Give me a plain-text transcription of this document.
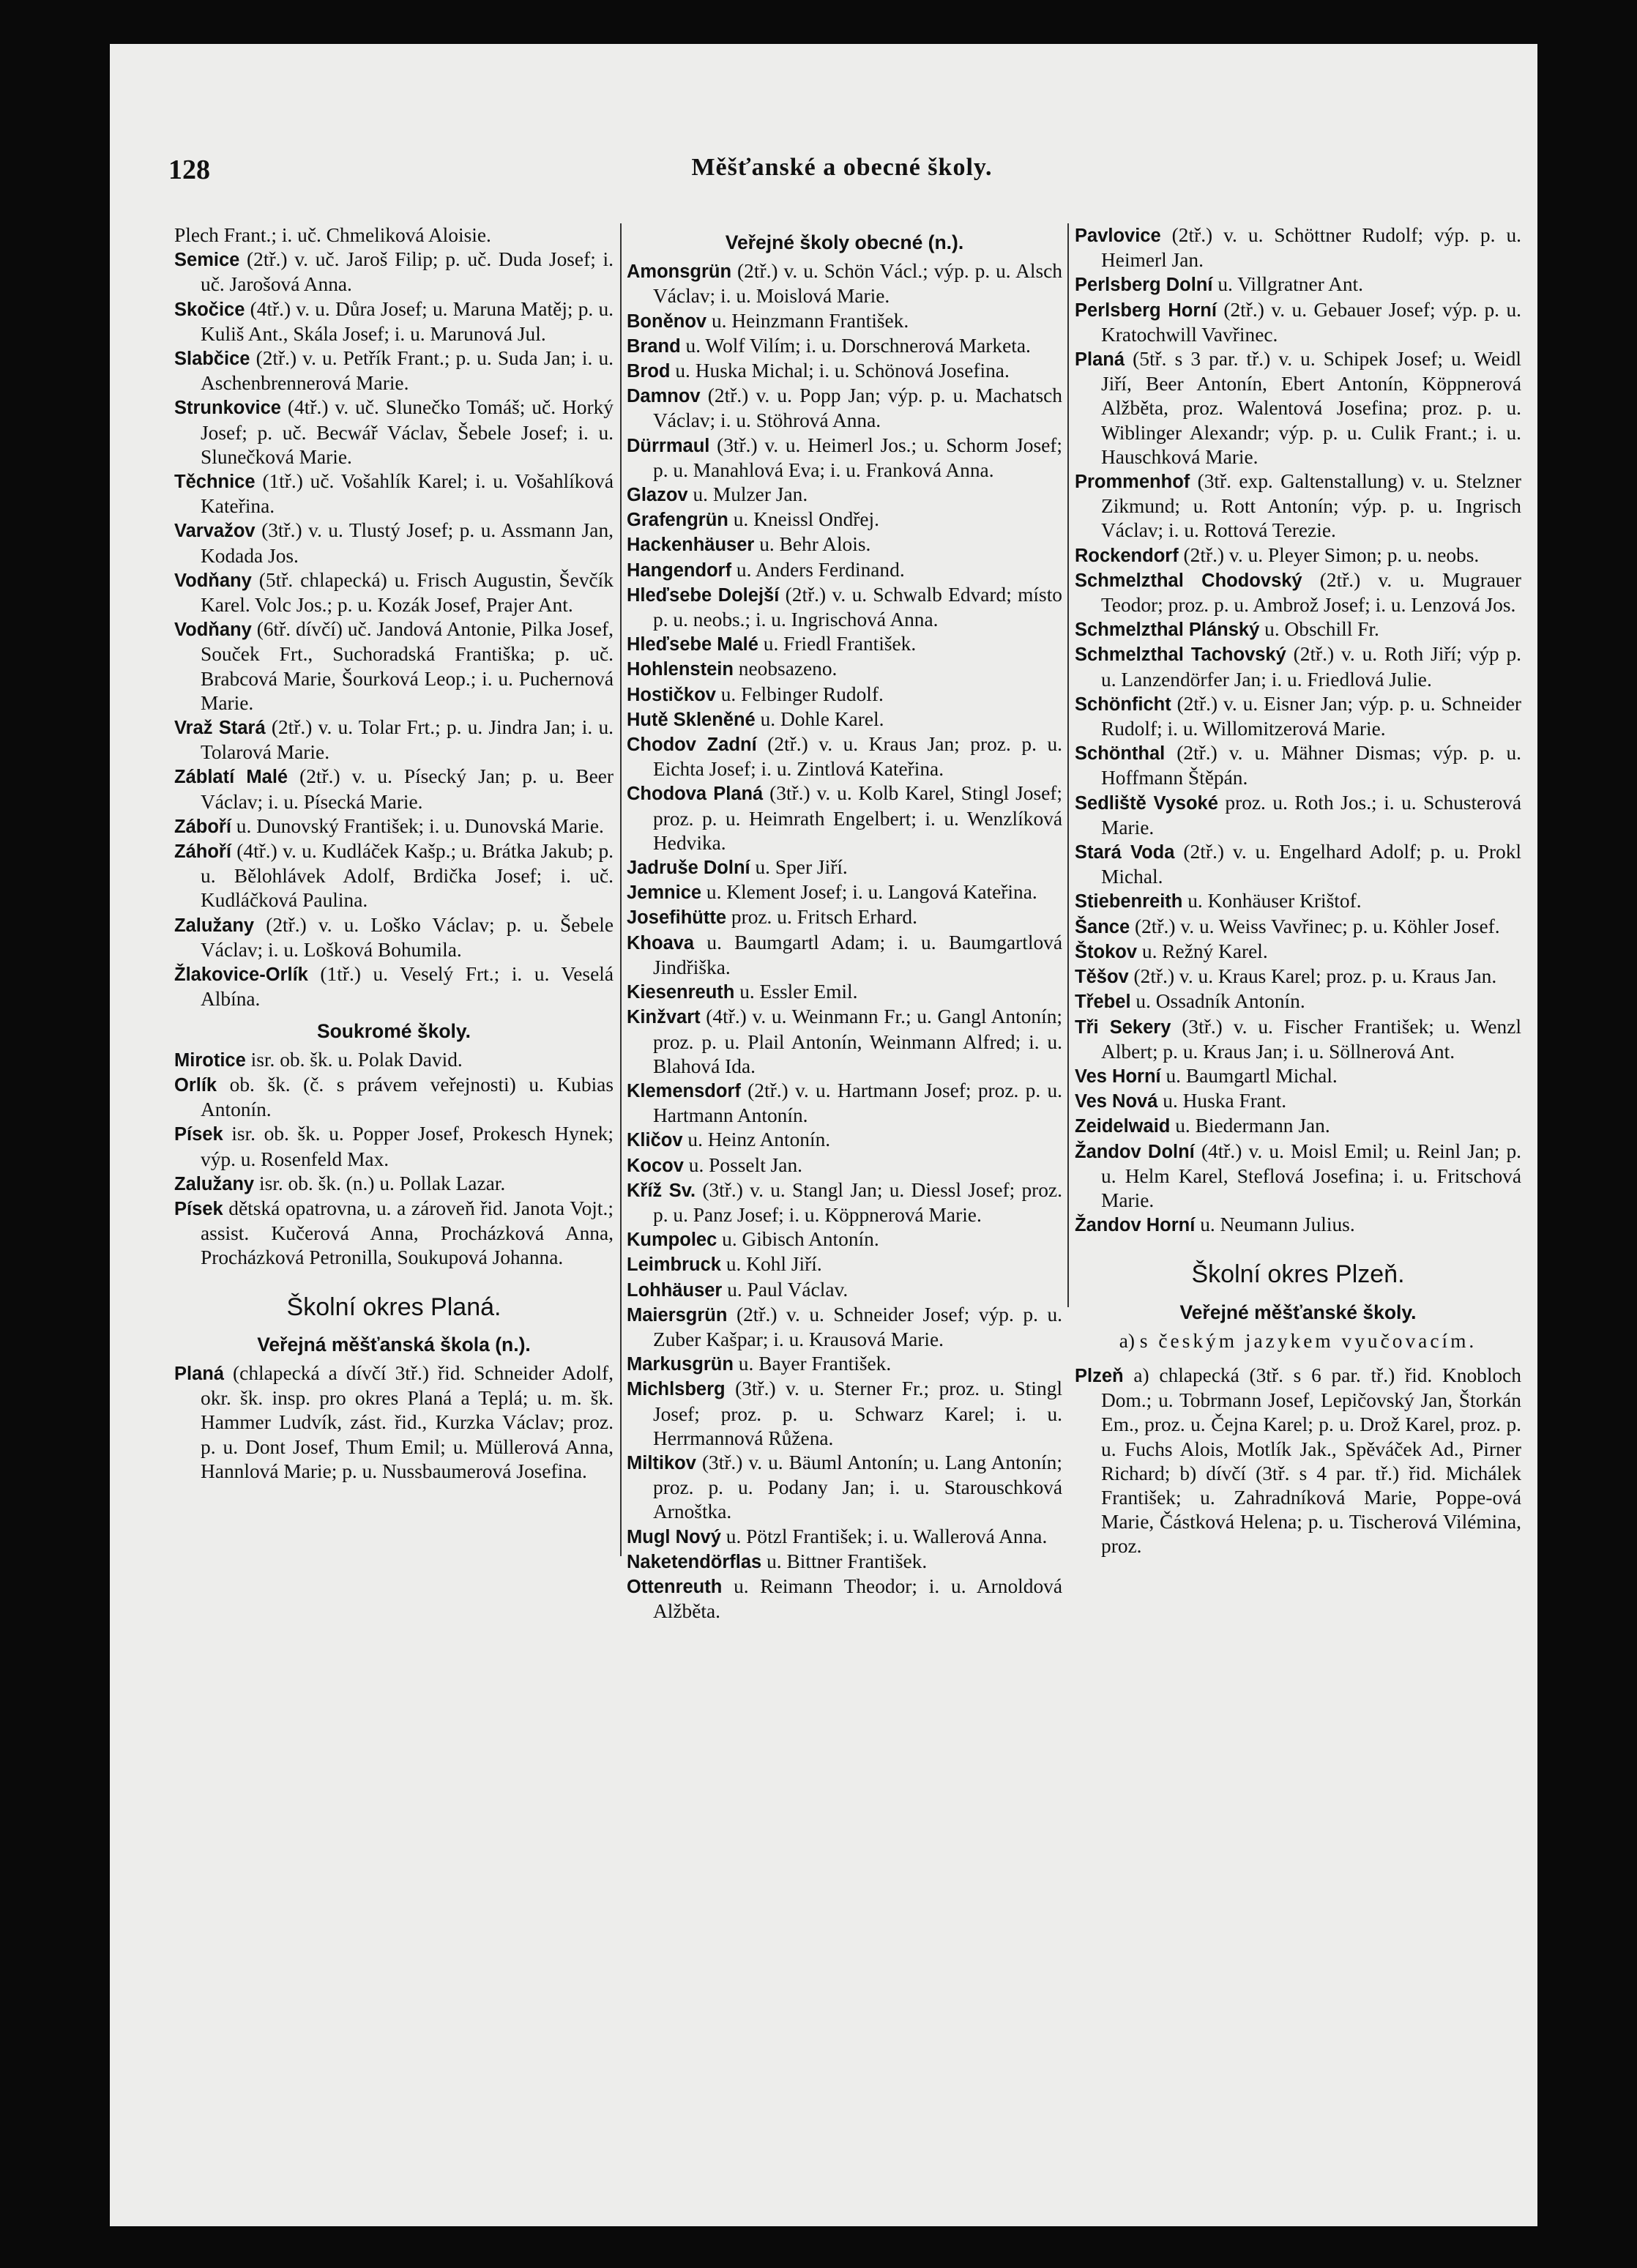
128	Měšťanské a obecné školy.
Plech Frant.; i. uč. Chmeliková Aloisie.
Semice (2tř.) v. uč. Jaroš Filip; p. uč. Duda Josef; i. uč. Jarošová Anna.
Skočice (4tř.) v. u. Důra Josef; u. Maruna Matěj; p. u. Kuliš Ant., Skála Josef; i. u. Marunová Jul.
Slabčice (2tř.) v. u. Petřík Frant.; p. u. Suda Jan; i. u. Aschenbrennerová Marie.
Strunkovice (4tř.) v. uč. Slunečko Tomáš; uč. Horký Josef; p. uč. Becwář Václav, Šebele Josef; i. u. Slunečková Marie.
Těchnice (1tř.) uč. Vošahlík Karel; i. u. Vošahlíková Kateřina.
Varvažov (3tř.) v. u. Tlustý Josef; p. u. Assmann Jan, Kodada Jos.
Vodňany (5tř. chlapecká) u. Frisch Augustin, Ševčík Karel. Volc Jos.; p. u. Kozák Josef, Prajer Ant.
Vodňany (6tř. dívčí) uč. Jandová Antonie, Pilka Josef, Souček Frt., Suchoradská Františka; p. uč. Brabcová Marie, Šourková Leop.; i. u. Puchernová Marie.
Vraž Stará (2tř.) v. u. Tolar Frt.; p. u. Jindra Jan; i. u. Tolarová Marie.
Záblatí Malé (2tř.) v. u. Písecký Jan; p. u. Beer Václav; i. u. Písecká Marie.
Záboří u. Dunovský František; i. u. Dunovská Marie.
Záhoří (4tř.) v. u. Kudláček Kašp.; u. Brátka Jakub; p. u. Bělohlávek Adolf, Brdička Josef; i. uč. Kudláčková Paulina.
Zalužany (2tř.) v. u. Loško Václav; p. u. Šebele Václav; i. u. Lošková Bohumila.
Žlakovice-Orlík (1tř.) u. Veselý Frt.; i. u. Veselá Albína.
Soukromé školy.
Mirotice isr. ob. šk. u. Polak David.
Orlík ob. šk. (č. s právem veřejnosti) u. Kubias Antonín.
Písek isr. ob. šk. u. Popper Josef, Prokesch Hynek; výp. u. Rosenfeld Max.
Zalužany isr. ob. šk. (n.) u. Pollak Lazar.
Písek dětská opatrovna, u. a zároveň řid. Janota Vojt.; assist. Kučerová Anna, Procházková Anna, Procházková Petronilla, Soukupová Johanna.
Školní okres Planá.
Veřejná měšťanská škola (n.).
Planá (chlapecká a dívčí 3tř.) řid. Schneider Adolf, okr. šk. insp. pro okres Planá a Teplá; u. m. šk. Hammer Ludvík, zást. řid., Kurzka Václav; proz. p. u. Dont Josef, Thum Emil; u. Müllerová Anna, Hannlová Marie; p. u. Nussbaumerová Josefina.
Veřejné školy obecné (n.).
Amonsgrün (2tř.) v. u. Schön Václ.; výp. p. u. Alsch Václav; i. u. Moislová Marie.
Boněnov u. Heinzmann František.
Brand u. Wolf Vilím; i. u. Dorschnerová Marketa.
Brod u. Huska Michal; i. u. Schönová Josefina.
Damnov (2tř.) v. u. Popp Jan; výp. p. u. Machatsch Václav; i. u. Stöhrová Anna.
Dürrmaul (3tř.) v. u. Heimerl Jos.; u. Schorm Josef; p. u. Manahlová Eva; i. u. Franková Anna.
Glazov u. Mulzer Jan.
Grafengrün u. Kneissl Ondřej.
Hackenhäuser u. Behr Alois.
Hangendorf u. Anders Ferdinand.
Hleďsebe Dolejší (2tř.) v. u. Schwalb Edvard; místo p. u. neobs.; i. u. Ingrischová Anna.
Hleďsebe Malé u. Friedl František.
Hohlenstein neobsazeno.
Hostičkov u. Felbinger Rudolf.
Hutě Skleněné u. Dohle Karel.
Chodov Zadní (2tř.) v. u. Kraus Jan; proz. p. u. Eichta Josef; i. u. Zintlová Kateřina.
Chodova Planá (3tř.) v. u. Kolb Karel, Stingl Josef; proz. p. u. Heimrath Engelbert; i. u. Wenzlíková Hedvika.
Jadruše Dolní u. Sper Jiří.
Jemnice u. Klement Josef; i. u. Langová Kateřina.
Josefihütte proz. u. Fritsch Erhard.
Khoava u. Baumgartl Adam; i. u. Baumgartlová Jindřiška.
Kiesenreuth u. Essler Emil.
Kinžvart (4tř.) v. u. Weinmann Fr.; u. Gangl Antonín; proz. p. u. Plail Antonín, Weinmann Alfred; i. u. Blahová Ida.
Klemensdorf (2tř.) v. u. Hartmann Josef; proz. p. u. Hartmann Antonín.
Kličov u. Heinz Antonín.
Kocov u. Posselt Jan.
Kříž Sv. (3tř.) v. u. Stangl Jan; u. Diessl Josef; proz. p. u. Panz Josef; i. u. Köppnerová Marie.
Kumpolec u. Gibisch Antonín.
Leimbruck u. Kohl Jiří.
Lohhäuser u. Paul Václav.
Maiersgrün (2tř.) v. u. Schneider Josef; výp. p. u. Zuber Kašpar; i. u. Krausová Marie.
Markusgrün u. Bayer František.
Michlsberg (3tř.) v. u. Sterner Fr.; proz. u. Stingl Josef; proz. p. u. Schwarz Karel; i. u. Herrmannová Růžena.
Miltikov (3tř.) v. u. Bäuml Antonín; u. Lang Antonín; proz. p. u. Podany Jan; i. u. Starouschková Arnoštka.
Mugl Nový u. Pötzl František; i. u. Wallerová Anna.
Naketendörflas u. Bittner František.
Ottenreuth u. Reimann Theodor; i. u. Arnoldová Alžběta.
Pavlovice (2tř.) v. u. Schöttner Rudolf; výp. p. u. Heimerl Jan.
Perlsberg Dolní u. Villgratner Ant.
Perlsberg Horní (2tř.) v. u. Gebauer Josef; výp. p. u. Kratochwill Vavřinec.
Planá (5tř. s 3 par. tř.) v. u. Schipek Josef; u. Weidl Jiří, Beer Antonín, Ebert Antonín, Köppnerová Alžběta, proz. Walentová Josefina; proz. p. u. Wiblinger Alexandr; výp. p. u. Culik Frant.; i. u. Hauschková Marie.
Prommenhof (3tř. exp. Galtenstallung) v. u. Stelzner Zikmund; u. Rott Antonín; výp. p. u. Ingrisch Václav; i. u. Rottová Terezie.
Rockendorf (2tř.) v. u. Pleyer Simon; p. u. neobs.
Schmelzthal Chodovský (2tř.) v. u. Mugrauer Teodor; proz. p. u. Ambrož Josef; i. u. Lenzová Jos.
Schmelzthal Plánský u. Obschill Fr.
Schmelzthal Tachovský (2tř.) v. u. Roth Jiří; výp p. u. Lanzendörfer Jan; i. u. Friedlová Julie.
Schönficht (2tř.) v. u. Eisner Jan; výp. p. u. Schneider Rudolf; i. u. Willomitzerová Marie.
Schönthal (2tř.) v. u. Mähner Dismas; výp. p. u. Hoffmann Štěpán.
Sedliště Vysoké proz. u. Roth Jos.; i. u. Schusterová Marie.
Stará Voda (2tř.) v. u. Engelhard Adolf; p. u. Prokl Michal.
Stiebenreith u. Konhäuser Krištof.
Šance (2tř.) v. u. Weiss Vavřinec; p. u. Köhler Josef.
Štokov u. Režný Karel.
Těšov (2tř.) v. u. Kraus Karel; proz. p. u. Kraus Jan.
Třebel u. Ossadník Antonín.
Tři Sekery (3tř.) v. u. Fischer František; u. Wenzl Albert; p. u. Kraus Jan; i. u. Söllnerová Ant.
Ves Horní u. Baumgartl Michal.
Ves Nová u. Huska Frant.
Zeidelwaid u. Biedermann Jan.
Žandov Dolní (4tř.) v. u. Moisl Emil; u. Reinl Jan; p. u. Helm Karel, Steflová Josefina; i. u. Fritschová Marie.
Žandov Horní u. Neumann Julius.
Školní okres Plzeň.
Veřejné měšťanské školy.
a) s českým jazykem vyučovacím.
Plzeň a) chlapecká (3tř. s 6 par. tř.) řid. Knobloch Dom.; u. Tobrmann Josef, Lepičovský Jan, Štorkán Em., proz. u. Čejna Karel; p. u. Drož Karel, proz. p. u. Fuchs Alois, Motlík Jak., Spěváček Ad., Pirner Richard; b) dívčí (3tř. s 4 par. tř.) řid. Michálek František; u. Zahradníková Marie, Poppe-ová Marie, Částková Helena; p. u. Tischerová Vilémina, proz.
